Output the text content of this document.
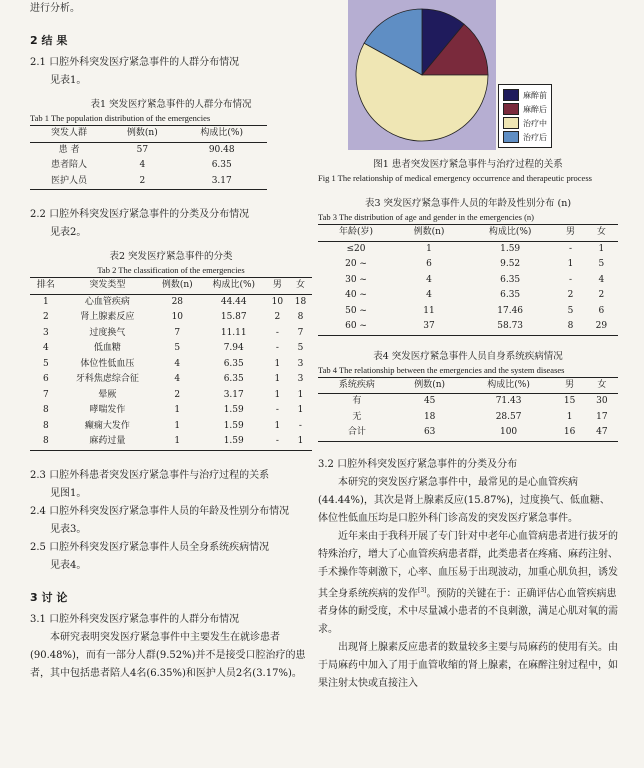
进行分析。

2 结 果

2.1 口腔外科突发医疗紧急事件的人群分布情况

见表1。

表1 突发医疗紧急事件的人群分布情况
Tab 1 The population distribution of the emergencies
突发人群	例数(n)	构成比(%)
患 者	57	90.48
患者陪人	4	6.35
医护人员	2	3.17

2.2 口腔外科突发医疗紧急事件的分类及分布情况

见表2。

表2 突发医疗紧急事件的分类
Tab 2 The classification of the emergencies
排名	突发类型	例数(n)	构成比(%)	男	女
1	心血管疾病	28	44.44	10	18
2	肾上腺素反应	10	15.87	2	8
3	过度换气	7	11.11	-	7
4	低血糖	5	7.94	-	5
5	体位性低血压	4	6.35	1	3
6	牙科焦虑综合征	4	6.35	1	3
7	晕厥	2	3.17	1	1
8	哮喘发作	1	1.59	-	1
8	癫痫大发作	1	1.59	1	-
8	麻药过量	1	1.59	-	1

2.3 口腔外科患者突发医疗紧急事件与治疗过程的关系

见图1。

2.4 口腔外科突发医疗紧急事件人员的年龄及性别分布情况

见表3。

2.5 口腔外科突发医疗紧急事件人员全身系统疾病情况

见表4。

3 讨 论

3.1 口腔外科突发医疗紧急事件的人群分布情况

本研究表明突发医疗紧急事件中主要发生在就诊患者(90.48%)，而有一部分人群(9.52%)并不是接受口腔治疗的患者，其中包括患者陪人4名(6.35%)和医护人员2名(3.17%)。

麻醉前
麻醉后
治疗中
治疗后
图1 患者突发医疗紧急事件与治疗过程的关系
Fig 1 The relationship of medical emergency occurrence and therapeutic process
表3 突发医疗紧急事件人员的年龄及性别分布 (n)
Tab 3 The distribution of age and gender in the emergencies (n)
年龄(岁)	例数(n)	构成比(%)	男	女
≤20	1	1.59	-	1
20 ~	6	9.52	1	5
30 ~	4	6.35	-	4
40 ~	4	6.35	2	2
50 ~	11	17.46	5	6
60 ~	37	58.73	8	29
表4 突发医疗紧急事件人员自身系统疾病情况
Tab 4 The relationship between the emergencies and the system diseases
系统疾病	例数(n)	构成比(%)	男	女
有	45	71.43	15	30
无	18	28.57	1	17
合计	63	100	16	47

3.2 口腔外科突发医疗紧急事件的分类及分布

本研究的突发医疗紧急事件中，最常见的是心血管疾病(44.44%)，其次是肾上腺素反应(15.87%)，过度换气、低血糖、体位性低血压均是口腔外科门诊高发的突发医疗紧急事件。

近年来由于我科开展了专门针对中老年心血管病患者进行拔牙的特殊治疗，增大了心血管疾病患者群，此类患者在疼痛、麻药注射、手术操作等刺激下，心率、血压易于出现波动，加重心肌负担，诱发其全身系统疾病的发作[3]。预防的关键在于：正确评估心血管疾病患者身体的耐受度，术中尽量减小患者的不良刺激，满足心肌对氧的需求。

出现肾上腺素反应患者的数量较多主要与局麻药的使用有关。由于局麻药中加入了用于血管收缩的肾上腺素，在麻醉注射过程中，如果注射太快或直接注入
